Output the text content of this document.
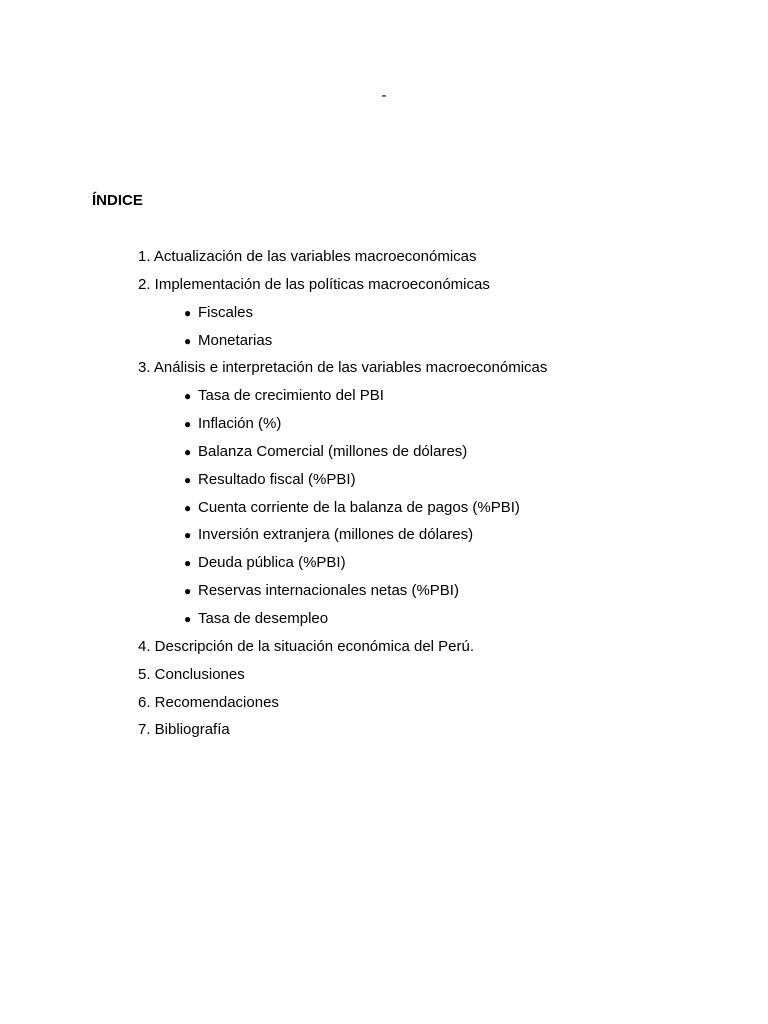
-
ÍNDICE
1. Actualización de las variables macroeconómicas
2. Implementación de las políticas macroeconómicas
● Fiscales
● Monetarias
3. Análisis e interpretación de las variables macroeconómicas
● Tasa de crecimiento del PBI
● Inflación (%)
● Balanza Comercial (millones de dólares)
● Resultado fiscal (%PBI)
● Cuenta corriente de la balanza de pagos (%PBI)
● Inversión extranjera (millones de dólares)
● Deuda pública (%PBI)
● Reservas internacionales netas (%PBI)
● Tasa de desempleo
4. Descripción de la situación económica del Perú.
5. Conclusiones
6. Recomendaciones
7. Bibliografía
